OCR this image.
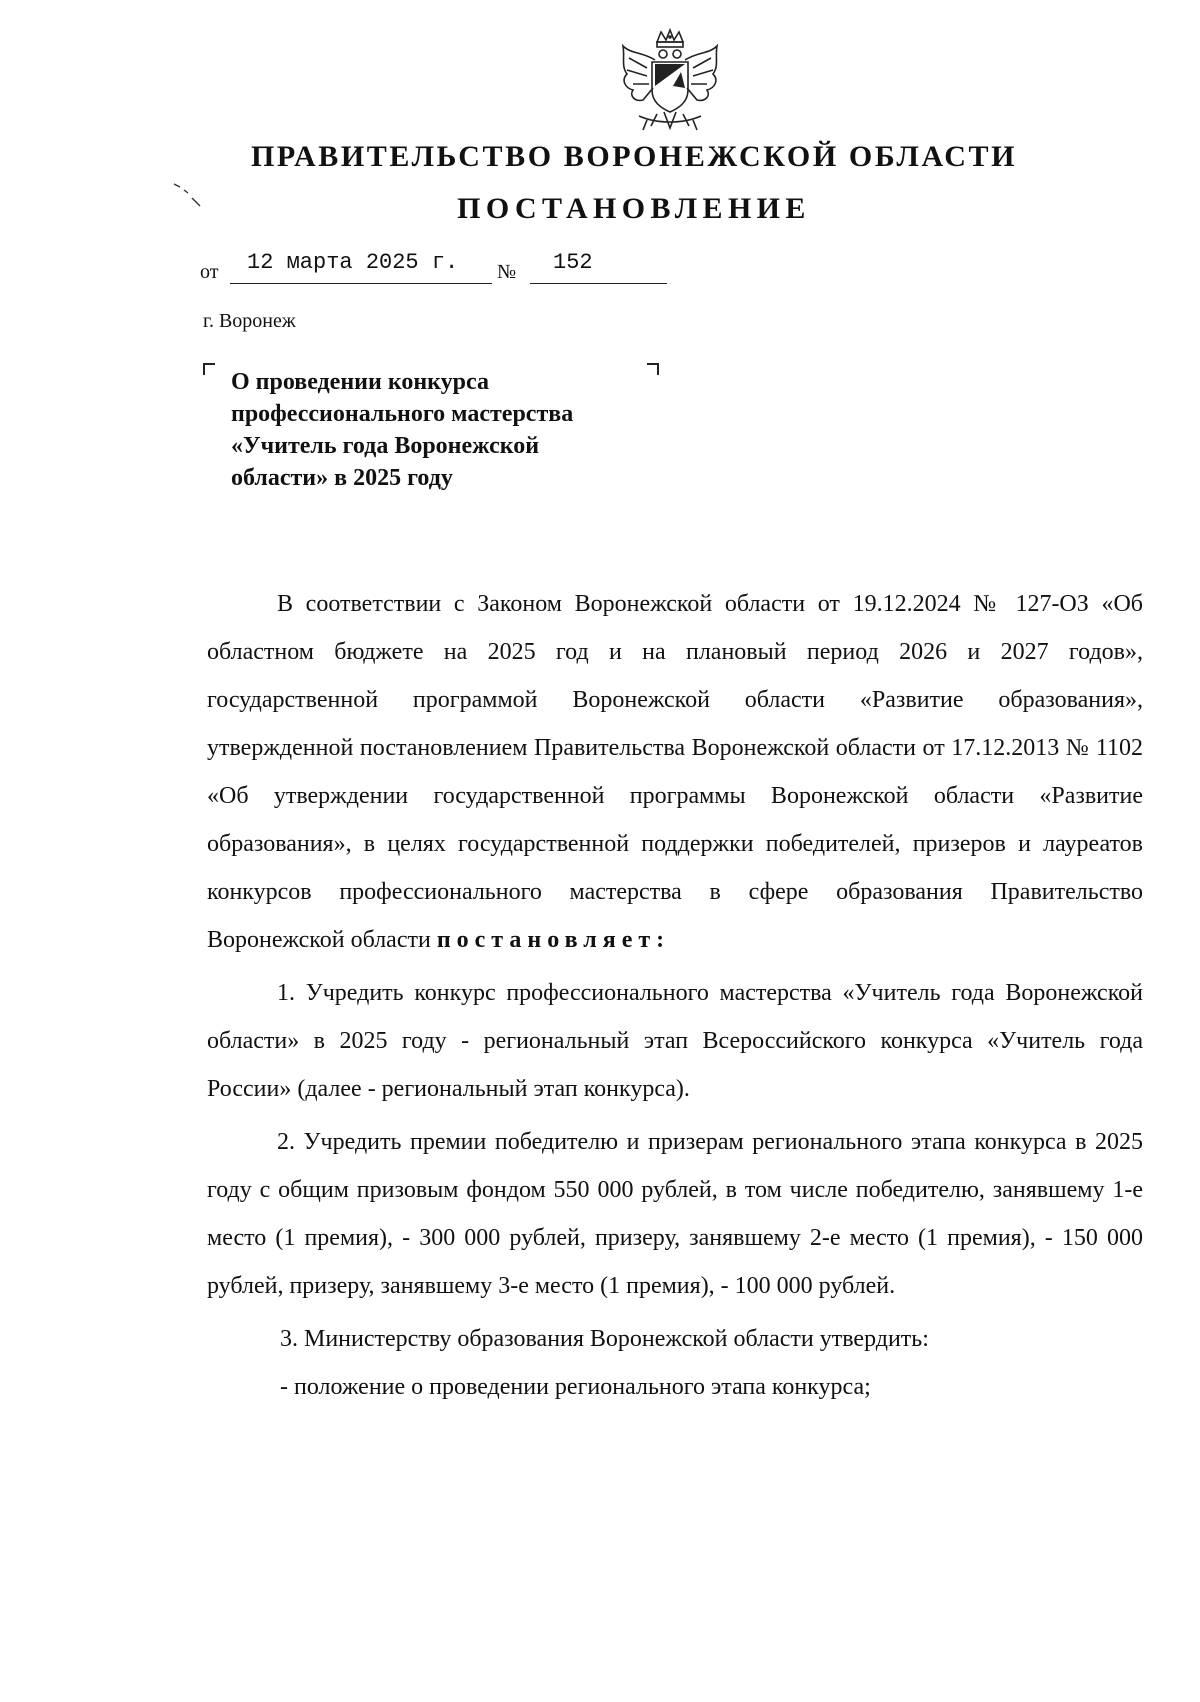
ПРАВИТЕЛЬСТВО ВОРОНЕЖСКОЙ ОБЛАСТИ
ПОСТАНОВЛЕНИЕ
от 12 марта 2025 г. № 152
г. Воронеж
О проведении конкурса
профессионального мастерства
«Учитель года Воронежской
области» в 2025 году

В соответствии с Законом Воронежской области от 19.12.2024 № 127-ОЗ «Об областном бюджете на 2025 год и на плановый период 2026 и 2027 годов», государственной программой Воронежской области «Развитие образования», утвержденной постановлением Правительства Воронежской области от 17.12.2013 № 1102 «Об утверждении государственной программы Воронежской области «Развитие образования», в целях государственной поддержки победителей, призеров и лауреатов конкурсов профессионального мастерства в сфере образования Правительство Воронежской области постановляет:

1. Учредить конкурс профессионального мастерства «Учитель года Воронежской области» в 2025 году - региональный этап Всероссийского конкурса «Учитель года России» (далее - региональный этап конкурса).

2. Учредить премии победителю и призерам регионального этапа конкурса в 2025 году с общим призовым фондом 550 000 рублей, в том числе победителю, занявшему 1-е место (1 премия), - 300 000 рублей, призеру, занявшему 2-е место (1 премия), - 150 000 рублей, призеру, занявшему 3-е место (1 премия), - 100 000 рублей.

3. Министерству образования Воронежской области утвердить:

- положение о проведении регионального этапа конкурса;
